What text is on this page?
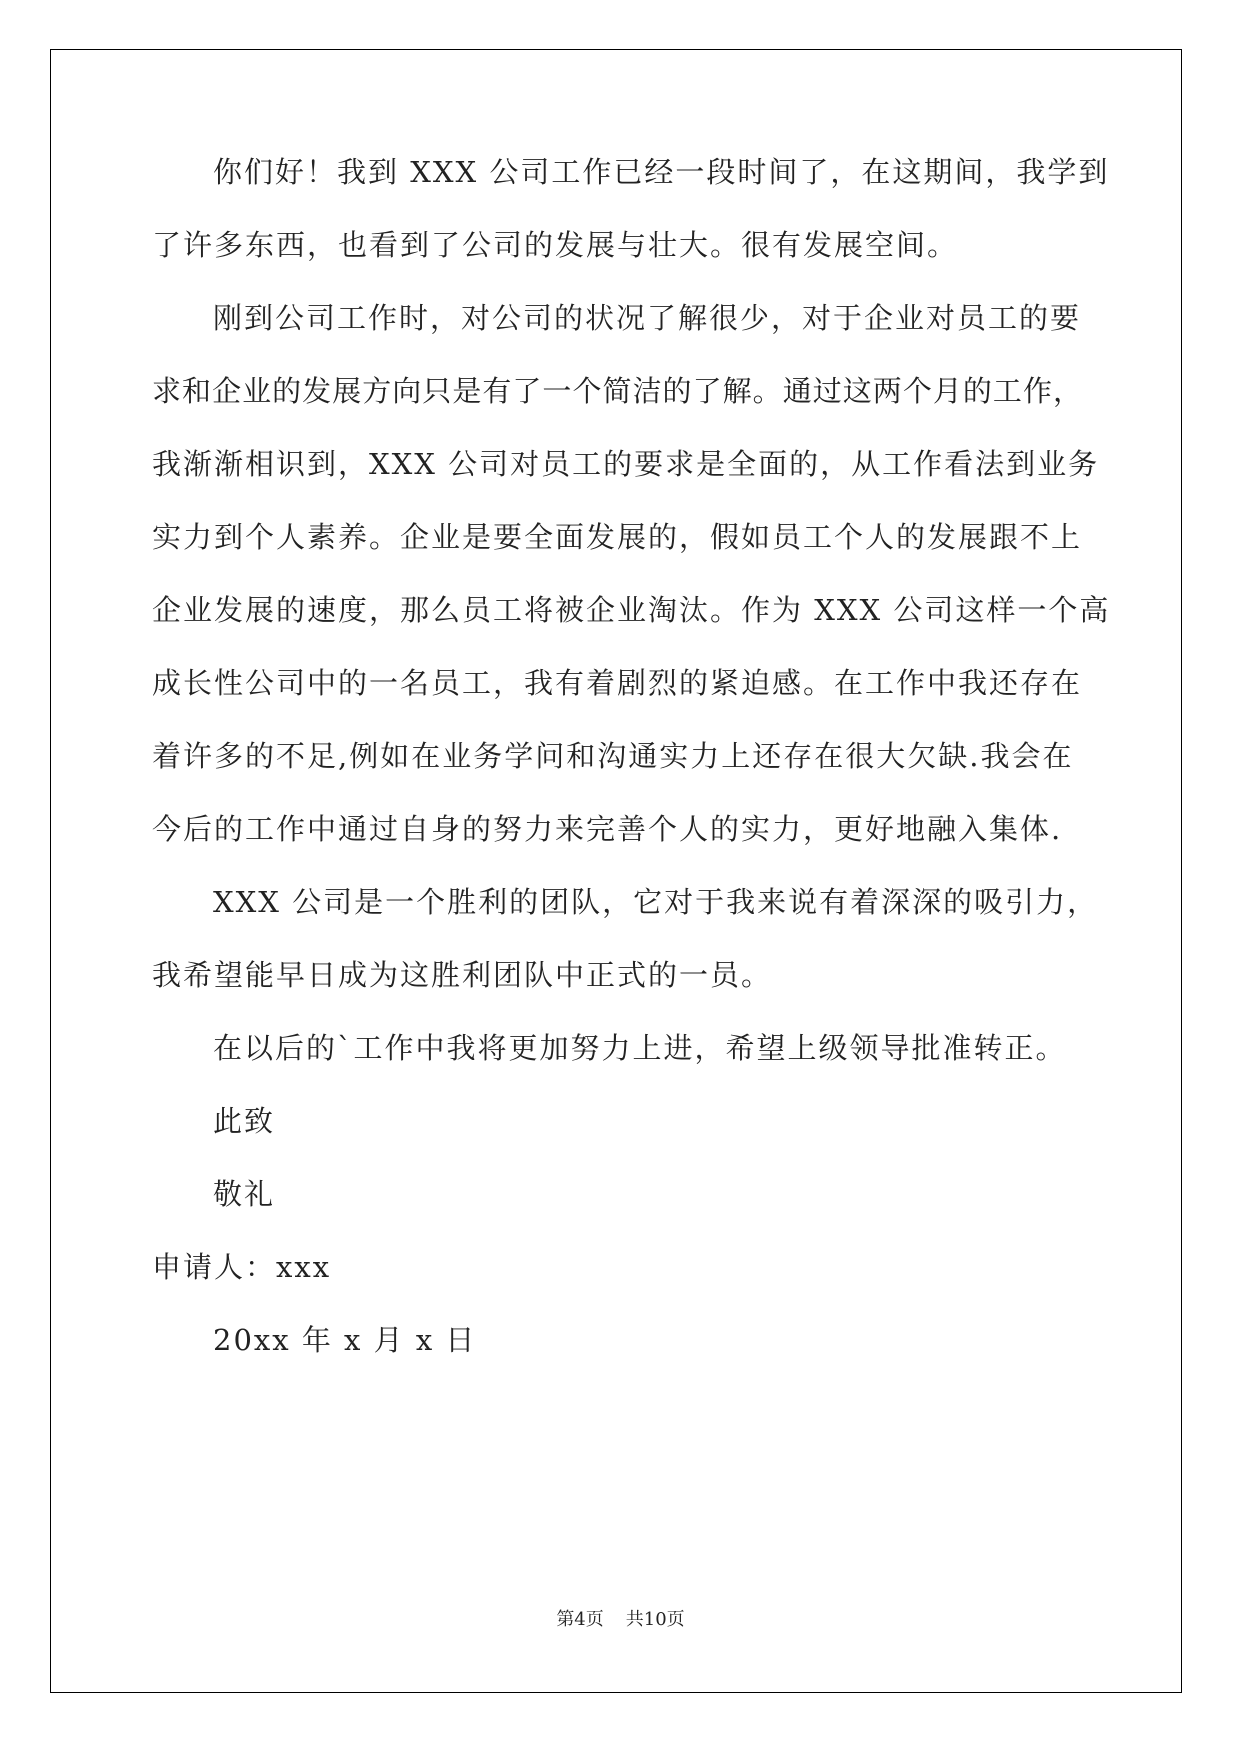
你们好！我到 XXX 公司工作已经一段时间了，在这期间，我学到

了许多东西，也看到了公司的发展与壮大。很有发展空间。

刚到公司工作时，对公司的状况了解很少，对于企业对员工的要

求和企业的发展方向只是有了一个简洁的了解。通过这两个月的工作，

我渐渐相识到，XXX 公司对员工的要求是全面的，从工作看法到业务

实力到个人素养。企业是要全面发展的，假如员工个人的发展跟不上

企业发展的速度，那么员工将被企业淘汰。作为 XXX 公司这样一个高

成长性公司中的一名员工，我有着剧烈的紧迫感。在工作中我还存在

着许多的不足,例如在业务学问和沟通实力上还存在很大欠缺.我会在

今后的工作中通过自身的努力来完善个人的实力，更好地融入集体.

XXX 公司是一个胜利的团队，它对于我来说有着深深的吸引力，

我希望能早日成为这胜利团队中正式的一员。

在以后的`工作中我将更加努力上进，希望上级领导批准转正。

此致

敬礼

申请人：xxx

20xx 年 x 月 x 日

第4页 共10页
